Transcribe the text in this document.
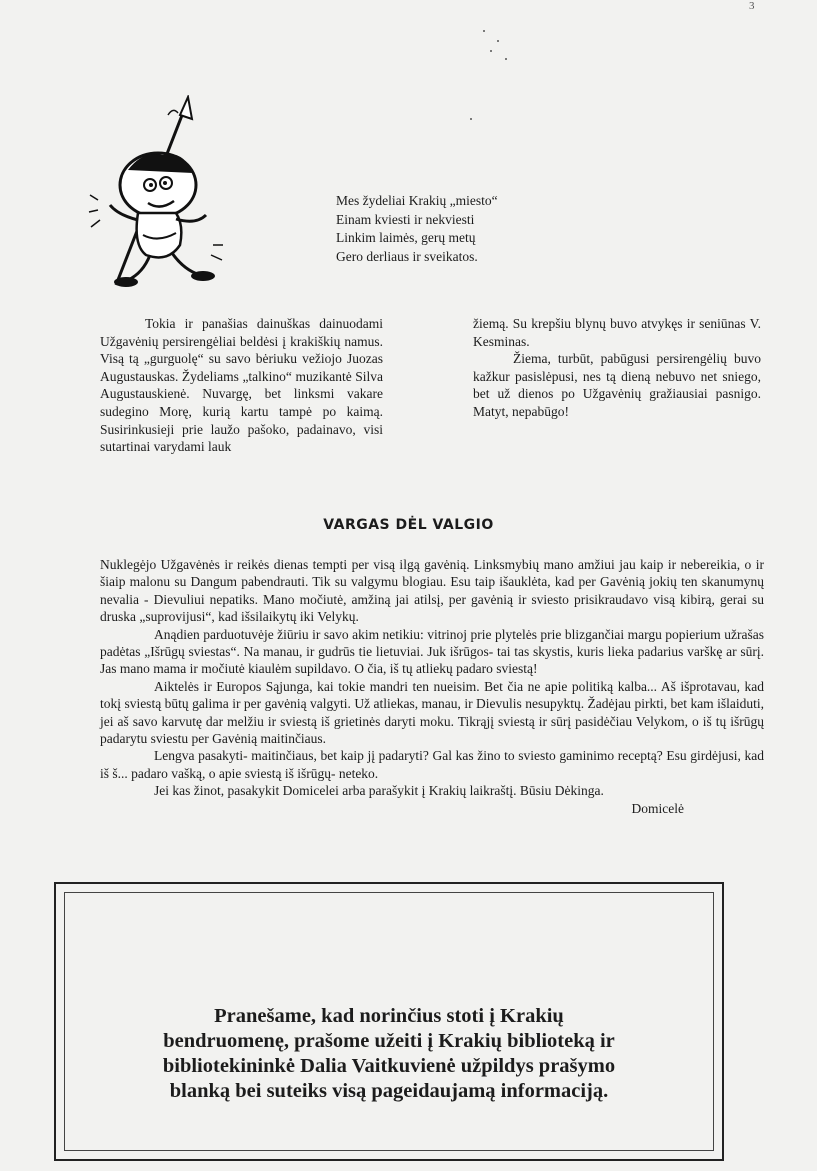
3
Mes žydeliai Krakių „miesto“
Einam kviesti ir nekviesti
Linkim laimės, gerų metų
Gero derliaus ir sveikatos.

Tokia ir panašias dainuškas dainuodami Užgavėnių persirengėliai beldėsi į krakiškių namus. Visą tą „gurguolę“ su savo bėriuku vežiojo Juozas Augustauskas. Žydeliams „talkino“ muzikantė Silva Augustauskienė. Nuvargę, bet linksmi vakare sudegino Morę, kurią kartu tampė po kaimą. Susirinkusieji prie laužo pašoko, padainavo, visi sutartinai varydami lauk

žiemą. Su krepšiu blynų buvo atvykęs ir seniūnas V. Kesminas.

Žiema, turbūt, pabūgusi persirengėlių buvo kažkur pasislėpusi, nes tą dieną nebuvo net sniego, bet už dienos po Užgavėnių gražiausiai pasnigo. Matyt, nepabūgo!

VARGAS DĖL VALGIO

Nuklegėjo Užgavėnės ir reikės dienas tempti per visą ilgą gavėnią. Linksmybių mano amžiui jau kaip ir nebereikia, o ir šiaip malonu su Dangum pabendrauti. Tik su valgymu blogiau. Esu taip išauklėta, kad per Gavėnią jokių ten skanumynų nevalia - Dievuliui nepatiks. Mano močiutė, amžiną jai atilsį, per gavėnią ir sviesto prisikraudavo visą kibirą, gerai su druska „suprovijusi“, kad išsilaikytų iki Velykų.

Anądien parduotuvėje žiūriu ir savo akim netikiu: vitrinoj prie plytelės prie blizgančiai margu popierium užrašas padėtas „Išrūgų sviestas“. Na manau, ir gudrūs tie lietuviai. Juk išrūgos- tai tas skystis, kuris lieka padarius varškę ar sūrį. Jas mano mama ir močiutė kiaulėm supildavo. O čia, iš tų atliekų padaro sviestą!

Aiktelės ir Europos Sąjunga, kai tokie mandri ten nueisim. Bet čia ne apie politiką kalba... Aš išprotavau, kad tokį sviestą būtų galima ir per gavėnią valgyti. Už atliekas, manau, ir Dievulis nesupyktų. Žadėjau pirkti, bet kam išlaiduti, jei aš savo karvutę dar melžiu ir sviestą iš grietinės daryti moku. Tikrąjį sviestą ir sūrį pasidėčiau Velykom, o iš tų išrūgų padarytu sviestu per Gavėnią maitinčiaus.

Lengva pasakyti- maitinčiaus, bet kaip jį padaryti? Gal kas žino to sviesto gaminimo receptą? Esu girdėjusi, kad iš š... padaro vašką, o apie sviestą iš išrūgų- neteko.

Jei kas žinot, pasakykit Domicelei arba parašykit į Krakių laikraštį. Būsiu Dėkinga.

Domicelė

Pranešame, kad norinčius stoti į Krakių
bendruomenę, prašome užeiti į Krakių biblioteką ir
bibliotekininkė Dalia Vaitkuvienė užpildys prašymo
blanką bei suteiks visą pageidaujamą informaciją.
